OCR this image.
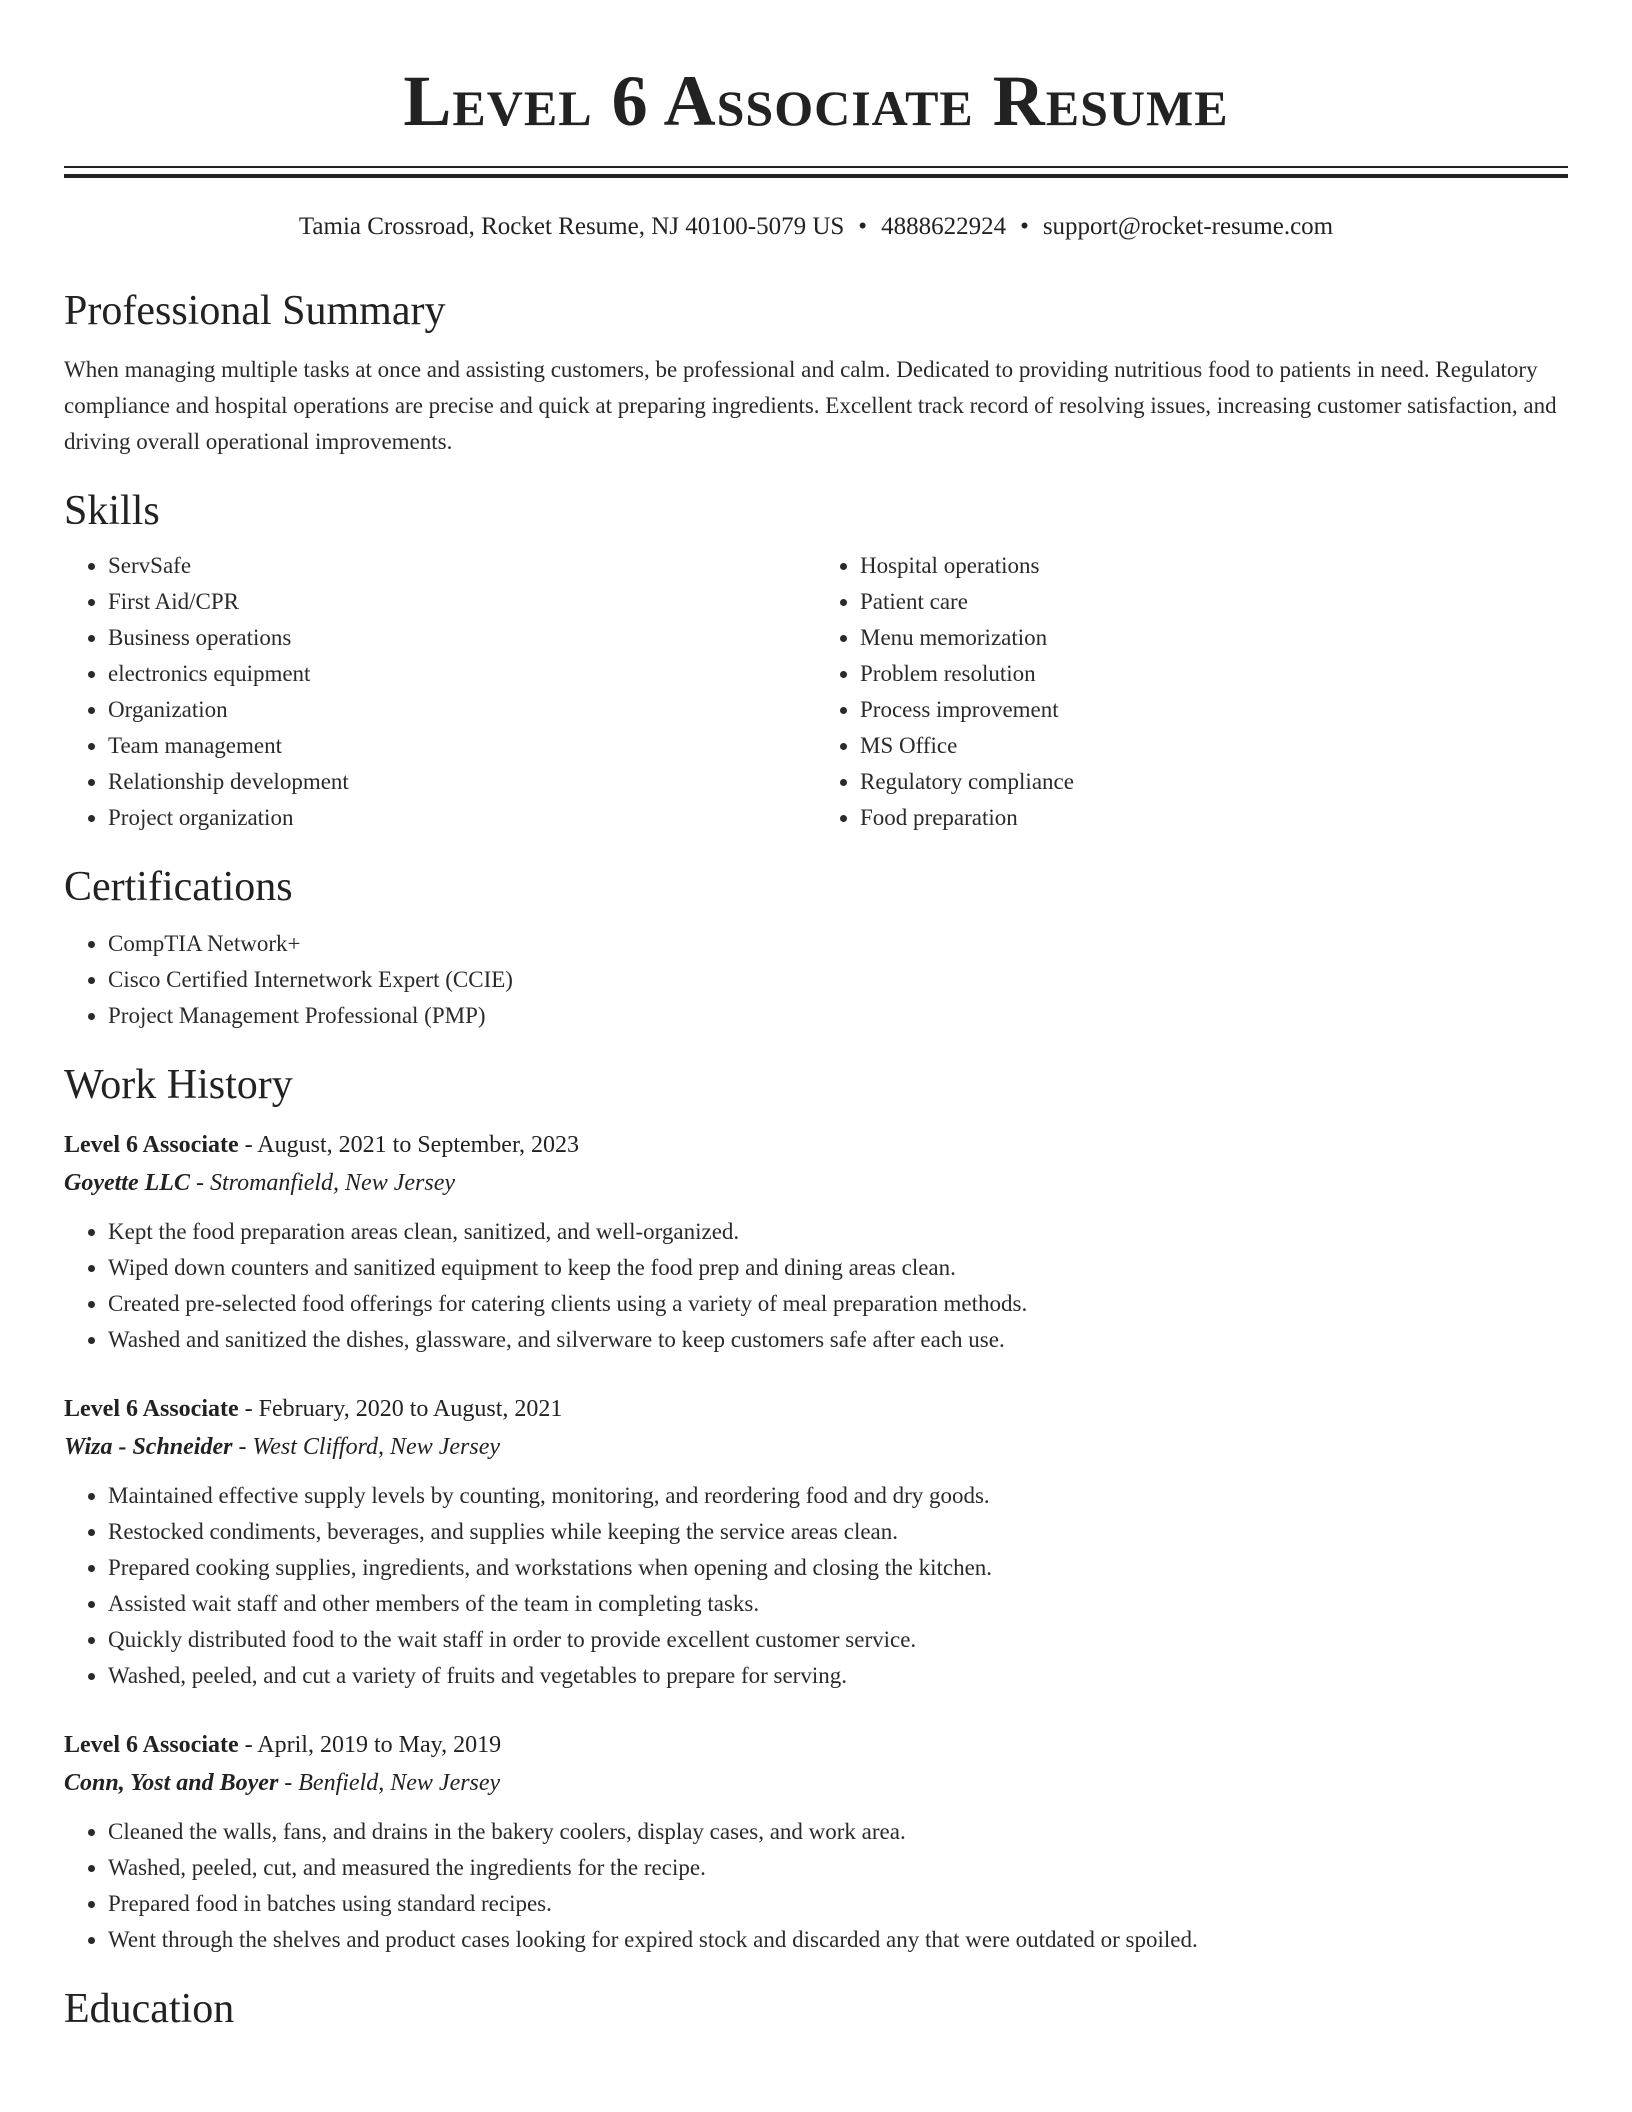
Level 6 Associate Resume
Tamia Crossroad, Rocket Resume, NJ 40100-5079 US • 4888622924 • support@rocket-resume.com
Professional Summary

When managing multiple tasks at once and assisting customers, be professional and calm. Dedicated to providing nutritious food to patients in need. Regulatory compliance and hospital operations are precise and quick at preparing ingredients. Excellent track record of resolving issues, increasing customer satisfaction, and driving overall operational improvements.

Skills
• ServSafe
• First Aid/CPR
• Business operations
• electronics equipment
• Organization
• Team management
• Relationship development
• Project organization
• Hospital operations
• Patient care
• Menu memorization
• Problem resolution
• Process improvement
• MS Office
• Regulatory compliance
• Food preparation
Certifications
• CompTIA Network+
• Cisco Certified Internetwork Expert (CCIE)
• Project Management Professional (PMP)
Work History
Level 6 Associate - August, 2021 to September, 2023
Goyette LLC - Stromanfield, New Jersey
• Kept the food preparation areas clean, sanitized, and well-organized.
• Wiped down counters and sanitized equipment to keep the food prep and dining areas clean.
• Created pre-selected food offerings for catering clients using a variety of meal preparation methods.
• Washed and sanitized the dishes, glassware, and silverware to keep customers safe after each use.
Level 6 Associate - February, 2020 to August, 2021
Wiza - Schneider - West Clifford, New Jersey
• Maintained effective supply levels by counting, monitoring, and reordering food and dry goods.
• Restocked condiments, beverages, and supplies while keeping the service areas clean.
• Prepared cooking supplies, ingredients, and workstations when opening and closing the kitchen.
• Assisted wait staff and other members of the team in completing tasks.
• Quickly distributed food to the wait staff in order to provide excellent customer service.
• Washed, peeled, and cut a variety of fruits and vegetables to prepare for serving.
Level 6 Associate - April, 2019 to May, 2019
Conn, Yost and Boyer - Benfield, New Jersey
• Cleaned the walls, fans, and drains in the bakery coolers, display cases, and work area.
• Washed, peeled, cut, and measured the ingredients for the recipe.
• Prepared food in batches using standard recipes.
• Went through the shelves and product cases looking for expired stock and discarded any that were outdated or spoiled.
Education
